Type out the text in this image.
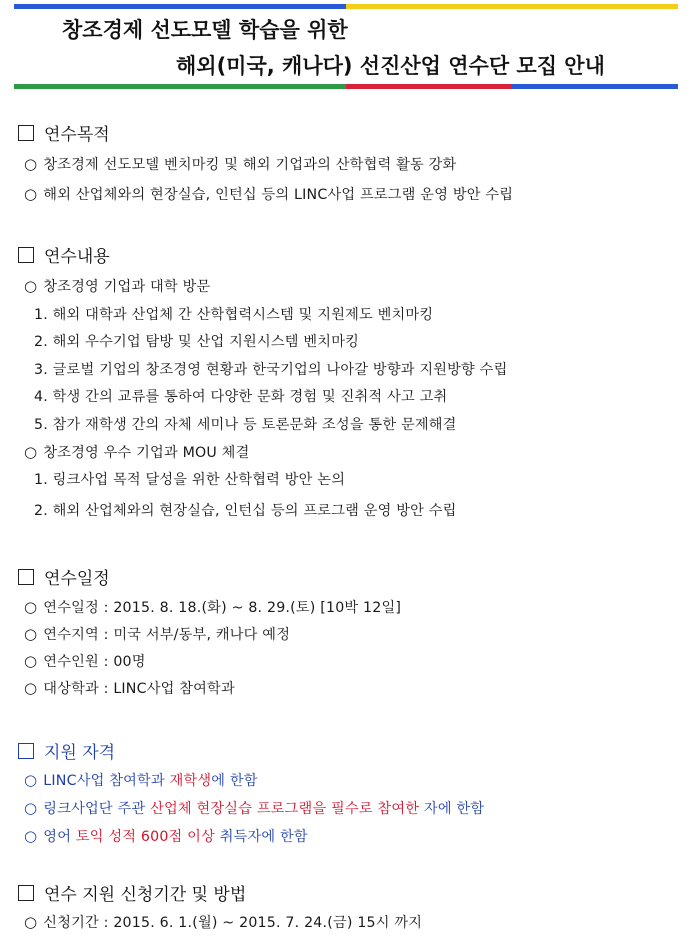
창조경제 선도모델 학습을 위한
해외(미국, 캐나다) 선진산업 연수단 모집 안내
연수목적
○ 창조경제 선도모델 벤치마킹 및 해외 기업과의 산학협력 활동 강화
○ 해외 산업체와의 현장실습, 인턴십 등의 LINC사업 프로그램 운영 방안 수립
연수내용
○ 창조경영 기업과 대학 방문
1. 해외 대학과 산업체 간 산학협력시스템 및 지원제도 벤치마킹
2. 해외 우수기업 탐방 및 산업 지원시스템 벤치마킹
3. 글로벌 기업의 창조경영 현황과 한국기업의 나아갈 방향과 지원방향 수립
4. 학생 간의 교류를 통하여 다양한 문화 경험 및 진취적 사고 고취
5. 참가 재학생 간의 자체 세미나 등 토론문화 조성을 통한 문제해결
○ 창조경영 우수 기업과 MOU 체결
1. 링크사업 목적 달성을 위한 산학협력 방안 논의
2. 해외 산업체와의 현장실습, 인턴십 등의 프로그램 운영 방안 수립
연수일정
○ 연수일정 : 2015. 8. 18.(화) ~ 8. 29.(토) [10박 12일]
○ 연수지역 : 미국 서부/동부, 캐나다 예정
○ 연수인원 : 00명
○ 대상학과 : LINC사업 참여학과
지원 자격
○ LINC사업 참여학과 재학생에 한함
○ 링크사업단 주관 산업체 현장실습 프로그램을 필수로 참여한 자에 한함
○ 영어 토익 성적 600점 이상 취득자에 한함
연수 지원 신청기간 및 방법
○ 신청기간 : 2015. 6. 1.(월) ~ 2015. 7. 24.(금) 15시 까지
